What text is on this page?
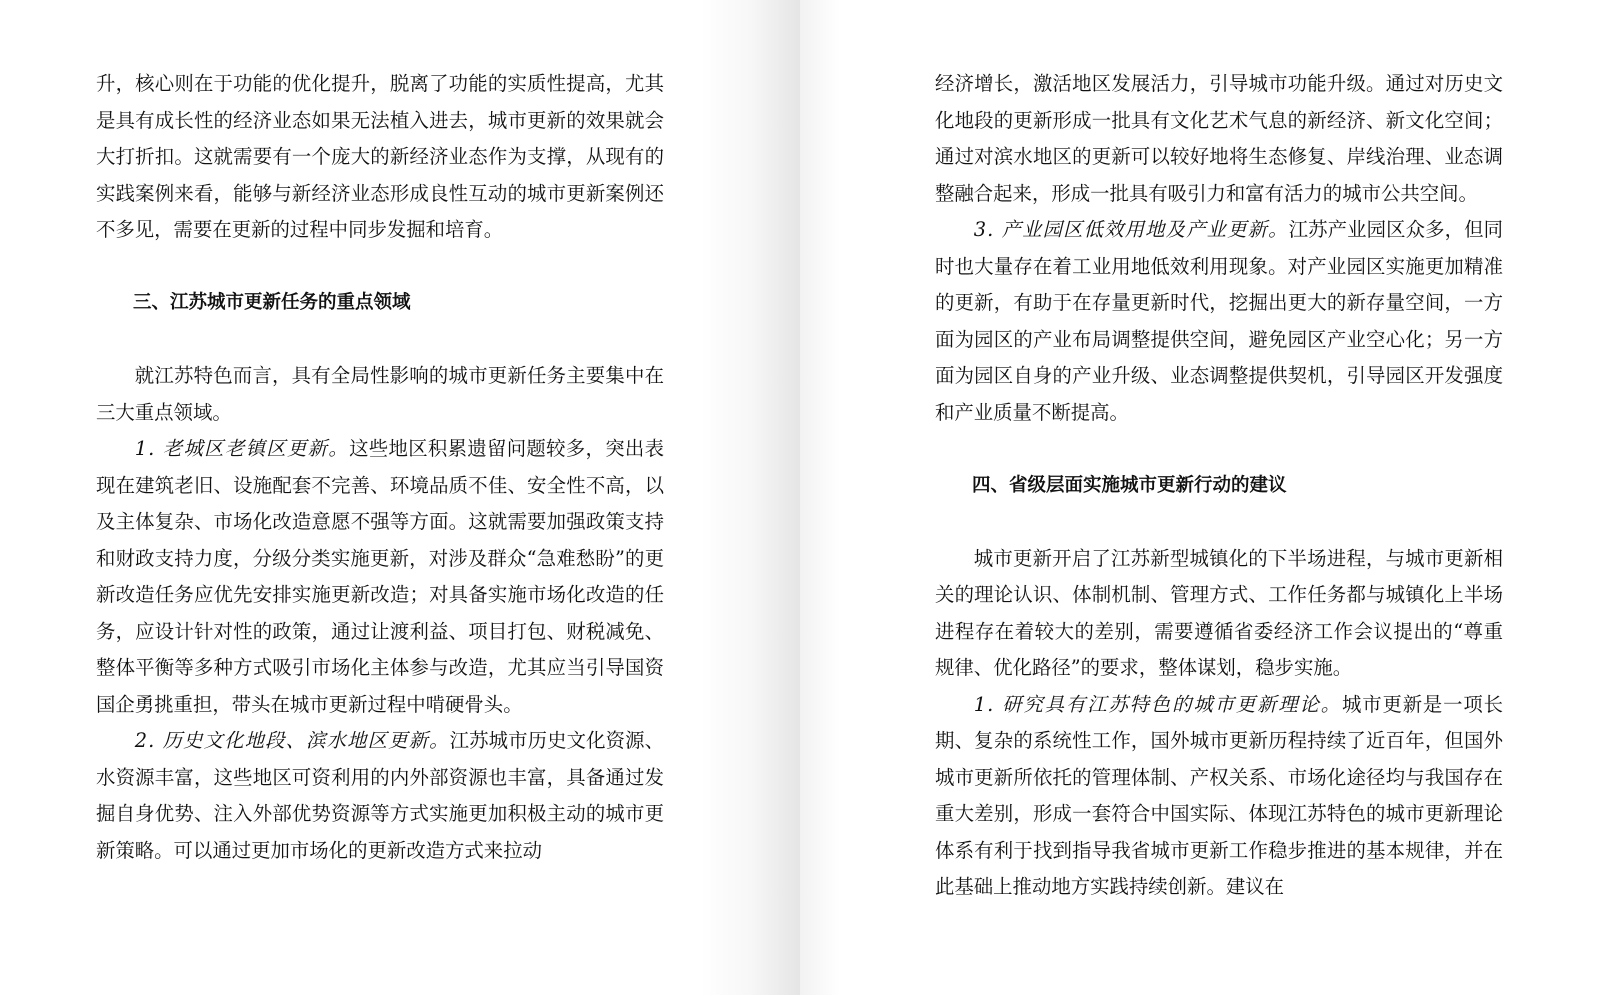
升，核心则在于功能的优化提升，脱离了功能的实质性提高，尤其是具有成长性的经济业态如果无法植入进去，城市更新的效果就会大打折扣。这就需要有一个庞大的新经济业态作为支撑，从现有的实践案例来看，能够与新经济业态形成良性互动的城市更新案例还不多见，需要在更新的过程中同步发掘和培育。

三、江苏城市更新任务的重点领域

就江苏特色而言，具有全局性影响的城市更新任务主要集中在三大重点领域。

1. 老城区老镇区更新。这些地区积累遗留问题较多，突出表现在建筑老旧、设施配套不完善、环境品质不佳、安全性不高，以及主体复杂、市场化改造意愿不强等方面。这就需要加强政策支持和财政支持力度，分级分类实施更新，对涉及群众“急难愁盼”的更新改造任务应优先安排实施更新改造；对具备实施市场化改造的任务，应设计针对性的政策，通过让渡利益、项目打包、财税减免、整体平衡等多种方式吸引市场化主体参与改造，尤其应当引导国资国企勇挑重担，带头在城市更新过程中啃硬骨头。

2. 历史文化地段、滨水地区更新。江苏城市历史文化资源、水资源丰富，这些地区可资利用的内外部资源也丰富，具备通过发掘自身优势、注入外部优势资源等方式实施更加积极主动的城市更新策略。可以通过更加市场化的更新改造方式来拉动

经济增长，激活地区发展活力，引导城市功能升级。通过对历史文化地段的更新形成一批具有文化艺术气息的新经济、新文化空间；通过对滨水地区的更新可以较好地将生态修复、岸线治理、业态调整融合起来，形成一批具有吸引力和富有活力的城市公共空间。

3. 产业园区低效用地及产业更新。江苏产业园区众多，但同时也大量存在着工业用地低效利用现象。对产业园区实施更加精准的更新，有助于在存量更新时代，挖掘出更大的新存量空间，一方面为园区的产业布局调整提供空间，避免园区产业空心化；另一方面为园区自身的产业升级、业态调整提供契机，引导园区开发强度和产业质量不断提高。

四、省级层面实施城市更新行动的建议

城市更新开启了江苏新型城镇化的下半场进程，与城市更新相关的理论认识、体制机制、管理方式、工作任务都与城镇化上半场进程存在着较大的差别，需要遵循省委经济工作会议提出的“尊重规律、优化路径”的要求，整体谋划，稳步实施。

1. 研究具有江苏特色的城市更新理论。城市更新是一项长期、复杂的系统性工作，国外城市更新历程持续了近百年，但国外城市更新所依托的管理体制、产权关系、市场化途径均与我国存在重大差别，形成一套符合中国实际、体现江苏特色的城市更新理论体系有利于找到指导我省城市更新工作稳步推进的基本规律，并在此基础上推动地方实践持续创新。建议在
